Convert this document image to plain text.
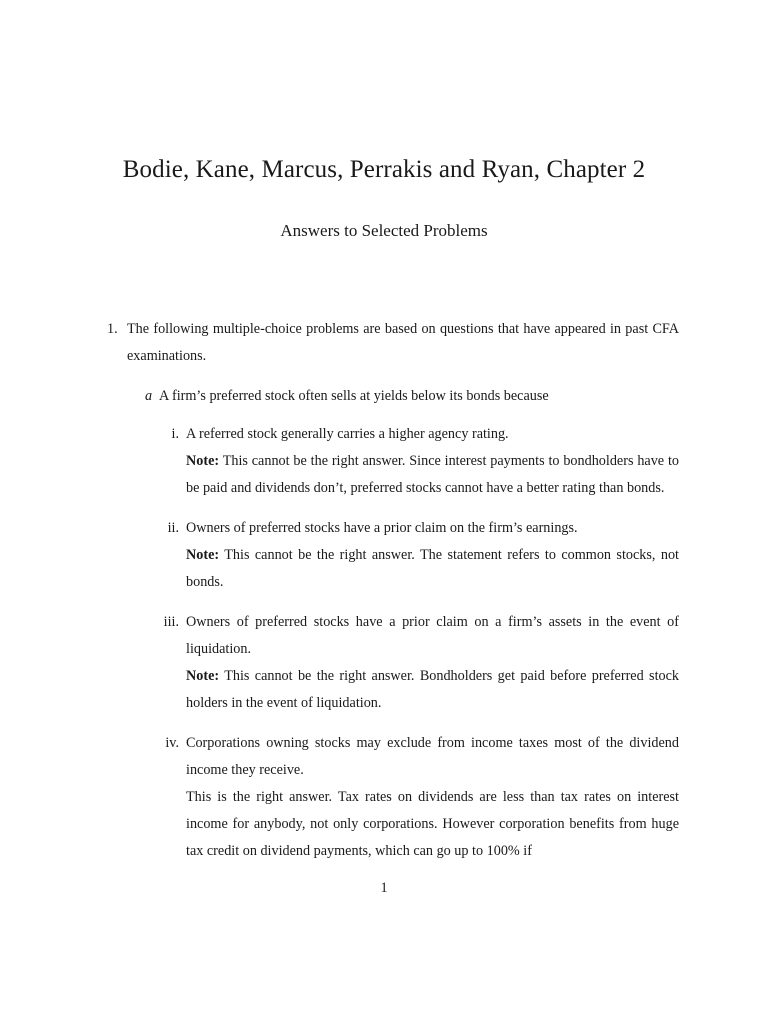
Bodie, Kane, Marcus, Perrakis and Ryan, Chapter 2
Answers to Selected Problems
1. The following multiple-choice problems are based on questions that have appeared in past CFA examinations.
a A firm’s preferred stock often sells at yields below its bonds because
i. A referred stock generally carries a higher agency rating.
Note: This cannot be the right answer. Since interest payments to bondholders have to be paid and dividends don’t, preferred stocks cannot have a better rating than bonds.
ii. Owners of preferred stocks have a prior claim on the firm’s earnings.
Note: This cannot be the right answer. The statement refers to common stocks, not bonds.
iii. Owners of preferred stocks have a prior claim on a firm’s assets in the event of liquidation.
Note: This cannot be the right answer. Bondholders get paid before preferred stock holders in the event of liquidation.
iv. Corporations owning stocks may exclude from income taxes most of the dividend income they receive.
This is the right answer. Tax rates on dividends are less than tax rates on interest income for anybody, not only corporations. However corporation benefits from huge tax credit on dividend payments, which can go up to 100% if
1
